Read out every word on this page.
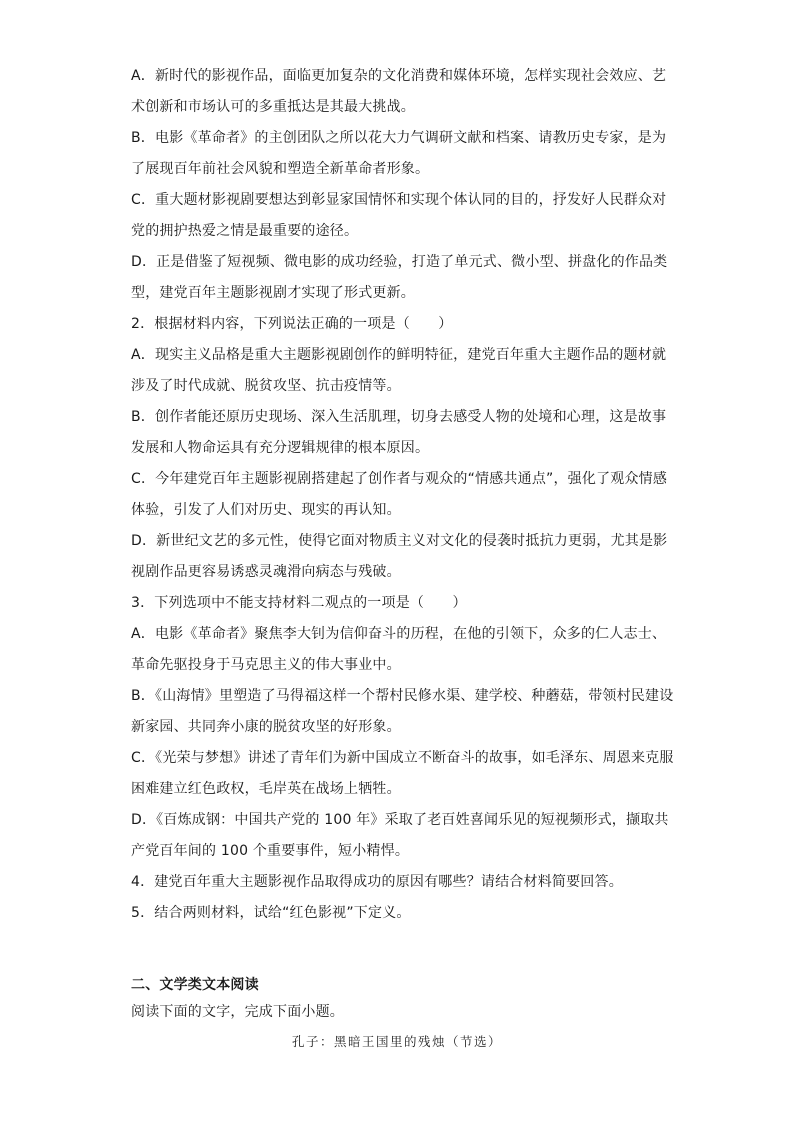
A．新时代的影视作品，面临更加复杂的文化消费和媒体环境，怎样实现社会效应、艺
术创新和市场认可的多重抵达是其最大挑战。
B．电影《革命者》的主创团队之所以花大力气调研文献和档案、请教历史专家，是为
了展现百年前社会风貌和塑造全新革命者形象。
C．重大题材影视剧要想达到彰显家国情怀和实现个体认同的目的，抒发好人民群众对
党的拥护热爱之情是最重要的途径。
D．正是借鉴了短视频、微电影的成功经验，打造了单元式、微小型、拼盘化的作品类
型，建党百年主题影视剧才实现了形式更新。
2．根据材料内容，下列说法正确的一项是（　　）
A．现实主义品格是重大主题影视剧创作的鲜明特征，建党百年重大主题作品的题材就
涉及了时代成就、脱贫攻坚、抗击疫情等。
B．创作者能还原历史现场、深入生活肌理，切身去感受人物的处境和心理，这是故事
发展和人物命运具有充分逻辑规律的根本原因。
C．今年建党百年主题影视剧搭建起了创作者与观众的“情感共通点”，强化了观众情感
体验，引发了人们对历史、现实的再认知。
D．新世纪文艺的多元性，使得它面对物质主义对文化的侵袭时抵抗力更弱，尤其是影
视剧作品更容易诱惑灵魂滑向病态与残破。
3．下列选项中不能支持材料二观点的一项是（　　）
A．电影《革命者》聚焦李大钊为信仰奋斗的历程，在他的引领下，众多的仁人志士、
革命先驱投身于马克思主义的伟大事业中。
B．《山海情》里塑造了马得福这样一个帮村民修水渠、建学校、种蘑菇，带领村民建设
新家园、共同奔小康的脱贫攻坚的好形象。
C．《光荣与梦想》讲述了青年们为新中国成立不断奋斗的故事，如毛泽东、周恩来克服
困难建立红色政权，毛岸英在战场上牺牲。
D．《百炼成钢：中国共产党的 100 年》采取了老百姓喜闻乐见的短视频形式，撷取共
产党百年间的 100 个重要事件，短小精悍。
4．建党百年重大主题影视作品取得成功的原因有哪些？请结合材料简要回答。
5．结合两则材料，试给“红色影视”下定义。
二、文学类文本阅读
阅读下面的文字，完成下面小题。
孔子：黑暗王国里的残烛（节选）
